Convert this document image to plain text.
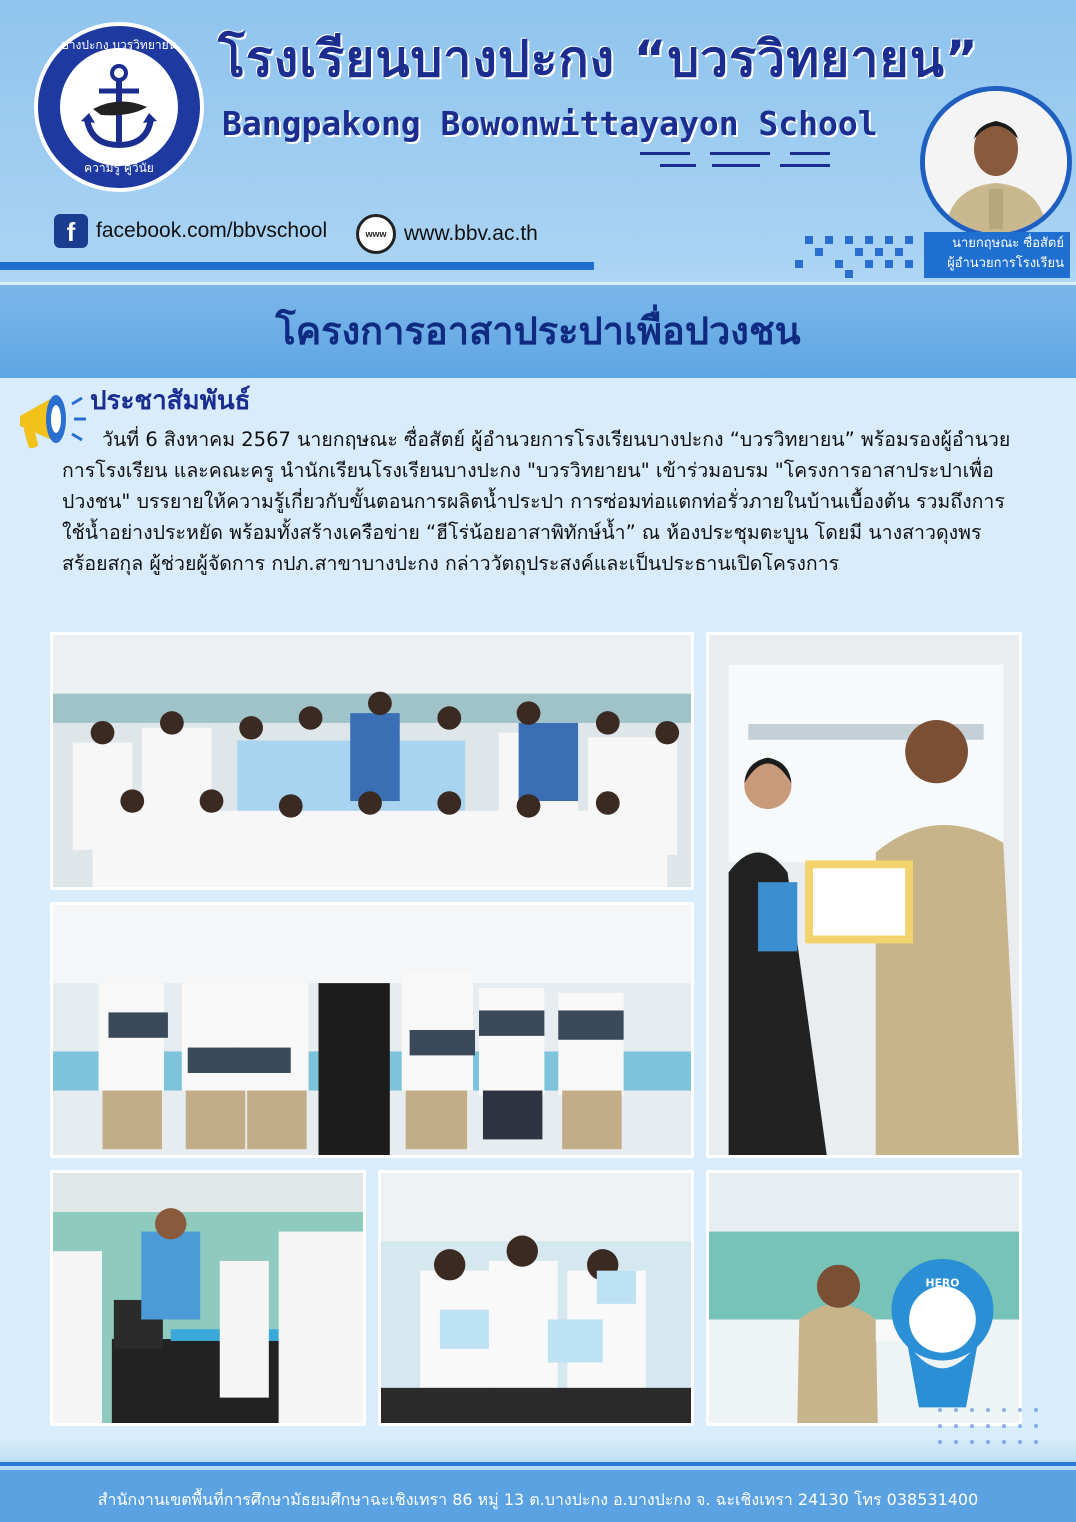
บางปะกง บวรวิทยายน
ความรู้ คู่วินัย
โรงเรียนบางปะกง “บวรวิทยายน”
Bangpakong Bowonwittayayon School
f facebook.com/bbvschool	www www.bbv.ac.th	นายกฤษณะ ซื่อสัตย์
ผู้อำนวยการโรงเรียน
โครงการอาสาประปาเพื่อปวงชน
ประชาสัมพันธ์
วันที่ 6 สิงหาคม 2567 นายกฤษณะ ซื่อสัตย์ ผู้อำนวยการโรงเรียนบางปะกง “บวรวิทยายน” พร้อมรองผู้อำนวยการโรงเรียน และคณะครู นำนักเรียนโรงเรียนบางปะกง "บวรวิทยายน" เข้าร่วมอบรม "โครงการอาสาประปาเพื่อปวงชน" บรรยายให้ความรู้เกี่ยวกับขั้นตอนการผลิตน้ำประปา การซ่อมท่อแตกท่อรั่วภายในบ้านเบื้องต้น รวมถึงการใช้น้ำอย่างประหยัด พร้อมทั้งสร้างเครือข่าย “ฮีโร่น้อยอาสาพิทักษ์น้ำ” ณ ห้องประชุมตะบูน โดยมี นางสาวดุงพร สร้อยสกุล ผู้ช่วยผู้จัดการ กปภ.สาขาบางปะกง กล่าววัตถุประสงค์และเป็นประธานเปิดโครงการ
HERO
พิทักษ์น้ำ
สำนักงานเขตพื้นที่การศึกษามัธยมศึกษาฉะเชิงเทรา 86 หมู่ 13 ต.บางปะกง อ.บางปะกง จ. ฉะเชิงเทรา 24130 โทร 038531400
